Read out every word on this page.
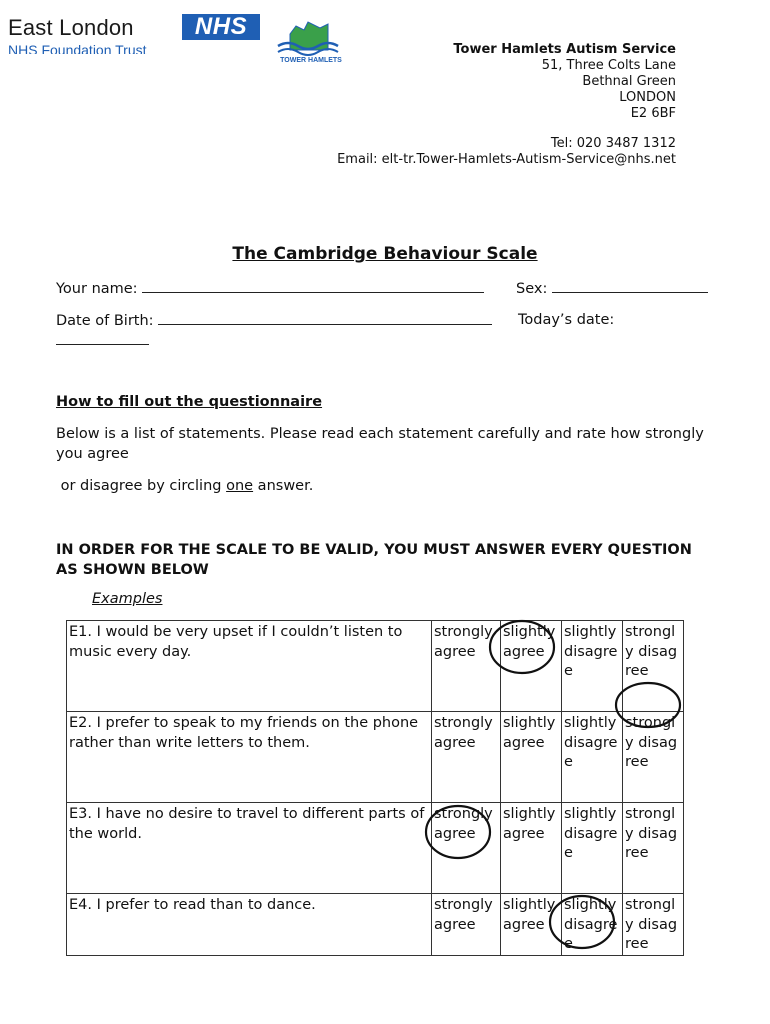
East London
NHS Foundation Trust
NHS
TOWER HAMLETS
Tower Hamlets Autism Service
51, Three Colts Lane
Bethnal Green
LONDON
E2 6BF
Tel: 020 3487 1312
Email: elt-tr.Tower-Hamlets-Autism-Service@nhs.net
The Cambridge Behaviour Scale
Your name:	Sex:
Date of Birth:	Today’s date:
How to fill out the questionnaire
Below is a list of statements. Please read each statement carefully and rate how strongly you agree
or disagree by circling one answer.
IN ORDER FOR THE SCALE TO BE VALID, YOU MUST ANSWER EVERY QUESTION AS SHOWN BELOW
Examples
E1. I would be very upset if I couldn’t listen to music every day.	strongly agree	slightly agree	slightly disagree	strongly disagree
E2. I prefer to speak to my friends on the phone rather than write letters to them.	strongly agree	slightly agree	slightly disagree	strongly disagree
E3. I have no desire to travel to different parts of the world.	strongly agree	slightly agree	slightly disagree	strongly disagree
E4. I prefer to read than to dance.	strongly agree	slightly agree	slightly disagree	strongly disagree
